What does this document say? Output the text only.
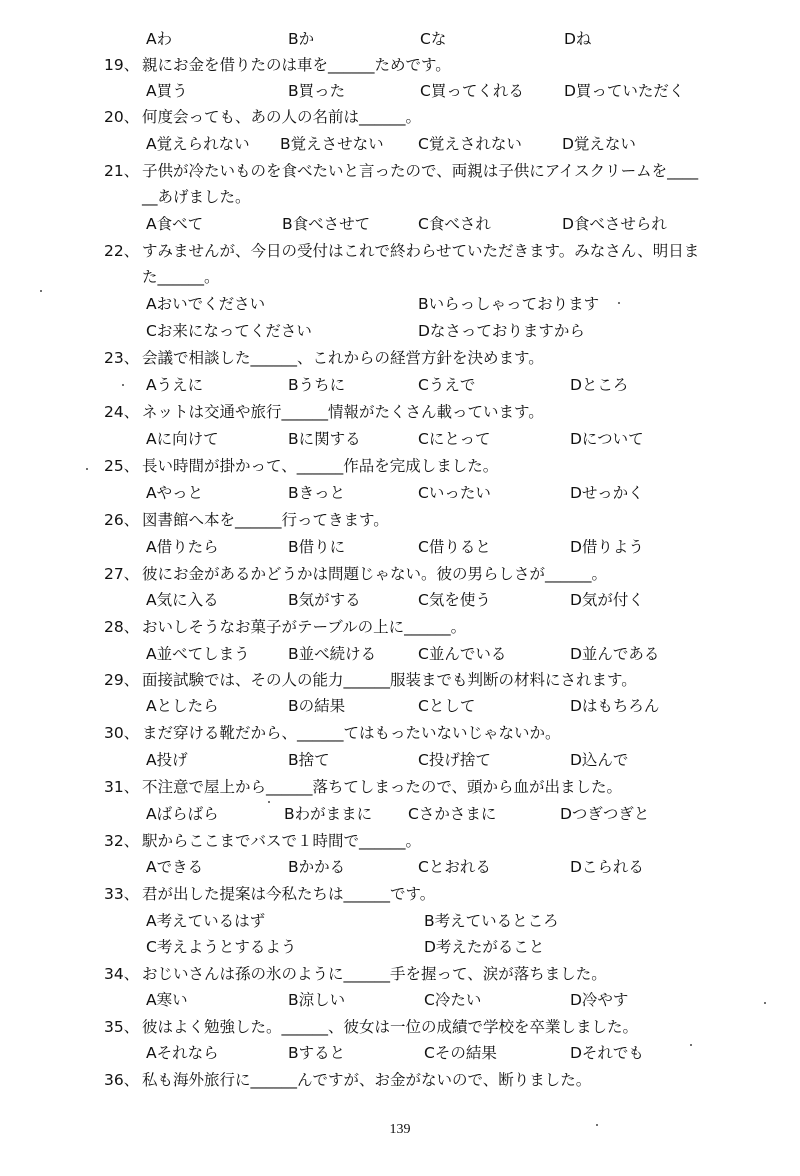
Aわ	Bか	Cな	Dね
19、 親にお金を借りたのは車を______ためです。
A買う	B買った	C買ってくれる	D買っていただく
20、 何度会っても、あの人の名前は______。
A覚えられない B覚えさせない C覚えされない	D覚えない
21、 子供が冷たいものを食べたいと言ったので、両親は子供にアイスクリームを____
__あげました。
A食べて	B食べさせて	C食べされ	D食べさせられ
22、 すみませんが、今日の受付はこれで終わらせていただきます。みなさん、明日ま
た______。
Aおいでください	Bいらっしゃっております
Cお来になってください	Dなさっておりますから
23、 会議で相談した______、これからの経営方針を決めます。
Aうえに	Bうちに	Cうえで	Dところ
24、 ネットは交通や旅行______情報がたくさん載っています。
Aに向けて	Bに関する	Cにとって	Dについて
25、 長い時間が掛かって、______作品を完成しました。
Aやっと	Bきっと	Cいったい	Dせっかく
26、 図書館へ本を______行ってきます。
A借りたら	B借りに	C借りると	D借りよう
27、 彼にお金があるかどうかは問題じゃない。彼の男らしさが______。
A気に入る	B気がする	C気を使う	D気が付く
28、 おいしそうなお菓子がテーブルの上に______。
A並べてしまう B並べ続ける	C並んでいる	D並んである
29、 面接試験では、その人の能力______服装までも判断の材料にされます。
Aとしたら	Bの結果	Cとして	Dはもちろん
30、 まだ穿ける靴だから、______てはもったいないじゃないか。
A投げ	B捨て	C投げ捨て	D込んで
31、 不注意で屋上から______落ちてしまったので、頭から血が出ました。
Aばらばら	Bわがままに Cさかさまに	Dつぎつぎと
32、 駅からここまでバスで１時間で______。
Aできる	Bかかる	Cとおれる	Dこられる
33、 君が出した提案は今私たちは______です。
A考えているはず	B考えているところ
C考えようとするよう	D考えたがること
34、 おじいさんは孫の氷のように______手を握って、涙が落ちました。
A寒い	B涼しい	C冷たい	D冷やす
35、 彼はよく勉強した。______、彼女は一位の成績で学校を卒業しました。
Aそれなら	Bすると	Cその結果	Dそれでも
36、 私も海外旅行に______んですが、お金がないので、断りました。
139
